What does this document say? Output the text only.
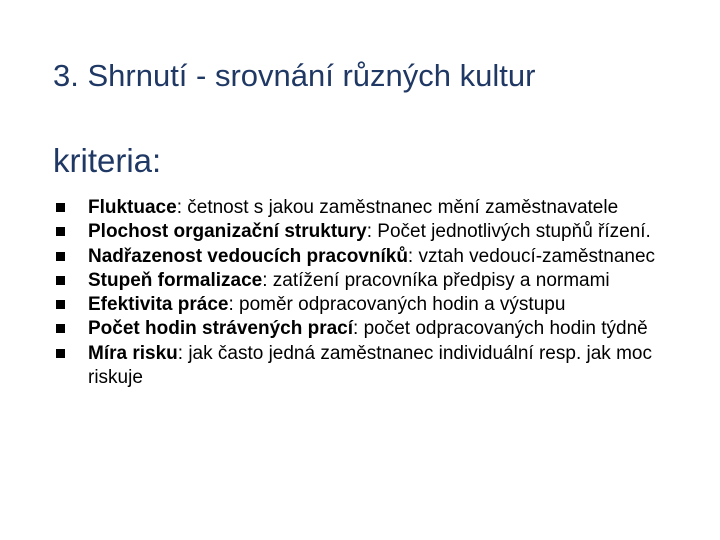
3. Shrnutí - srovnání různých kultur
kriteria:
Fluktuace: četnost s jakou zaměstnanec mění zaměstnavatele
Plochost organizační struktury: Počet jednotlivých stupňů řízení.
Nadřazenost vedoucích pracovníků: vztah vedoucí-zaměstnanec
Stupeň formalizace: zatížení pracovníka předpisy a normami
Efektivita práce: poměr odpracovaných hodin a výstupu
Počet hodin strávených prací: počet odpracovaných hodin týdně
Míra risku: jak často jedná zaměstnanec individuální resp. jak moc riskuje
